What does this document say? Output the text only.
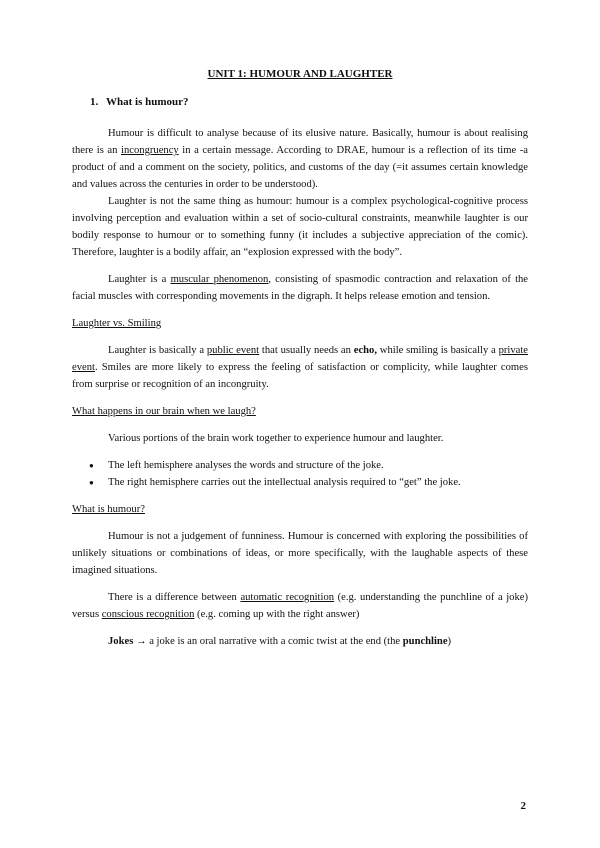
UNIT 1: HUMOUR AND LAUGHTER
1. What is humour?

Humour is difficult to analyse because of its elusive nature. Basically, humour is about realising there is an incongruency in a certain message. According to DRAE, humour is a reflection of its time -a product of and a comment on the society, politics, and customs of the day (=it assumes certain knowledge and values across the centuries in order to be understood).

Laughter is not the same thing as humour: humour is a complex psychological-cognitive process involving perception and evaluation within a set of socio-cultural constraints, meanwhile laughter is our bodily response to humour or to something funny (it includes a subjective appreciation of the comic). Therefore, laughter is a bodily affair, an “explosion expressed with the body”.

Laughter is a muscular phenomenon, consisting of spasmodic contraction and relaxation of the facial muscles with corresponding movements in the digraph. It helps release emotion and tension.

Laughter vs. Smiling

Laughter is basically a public event that usually needs an echo, while smiling is basically a private event. Smiles are more likely to express the feeling of satisfaction or complicity, while laughter comes from surprise or recognition of an incongruity.

What happens in our brain when we laugh?

Various portions of the brain work together to experience humour and laughter.

● The left hemisphere analyses the words and structure of the joke.
● The right hemisphere carries out the intellectual analysis required to “get” the joke.

What is humour?

Humour is not a judgement of funniness. Humour is concerned with exploring the possibilities of unlikely situations or combinations of ideas, or more specifically, with the laughable aspects of these imagined situations.

There is a difference between automatic recognition (e.g. understanding the punchline of a joke) versus conscious recognition (e.g. coming up with the right answer)

Jokes → a joke is an oral narrative with a comic twist at the end (the punchline)

2
